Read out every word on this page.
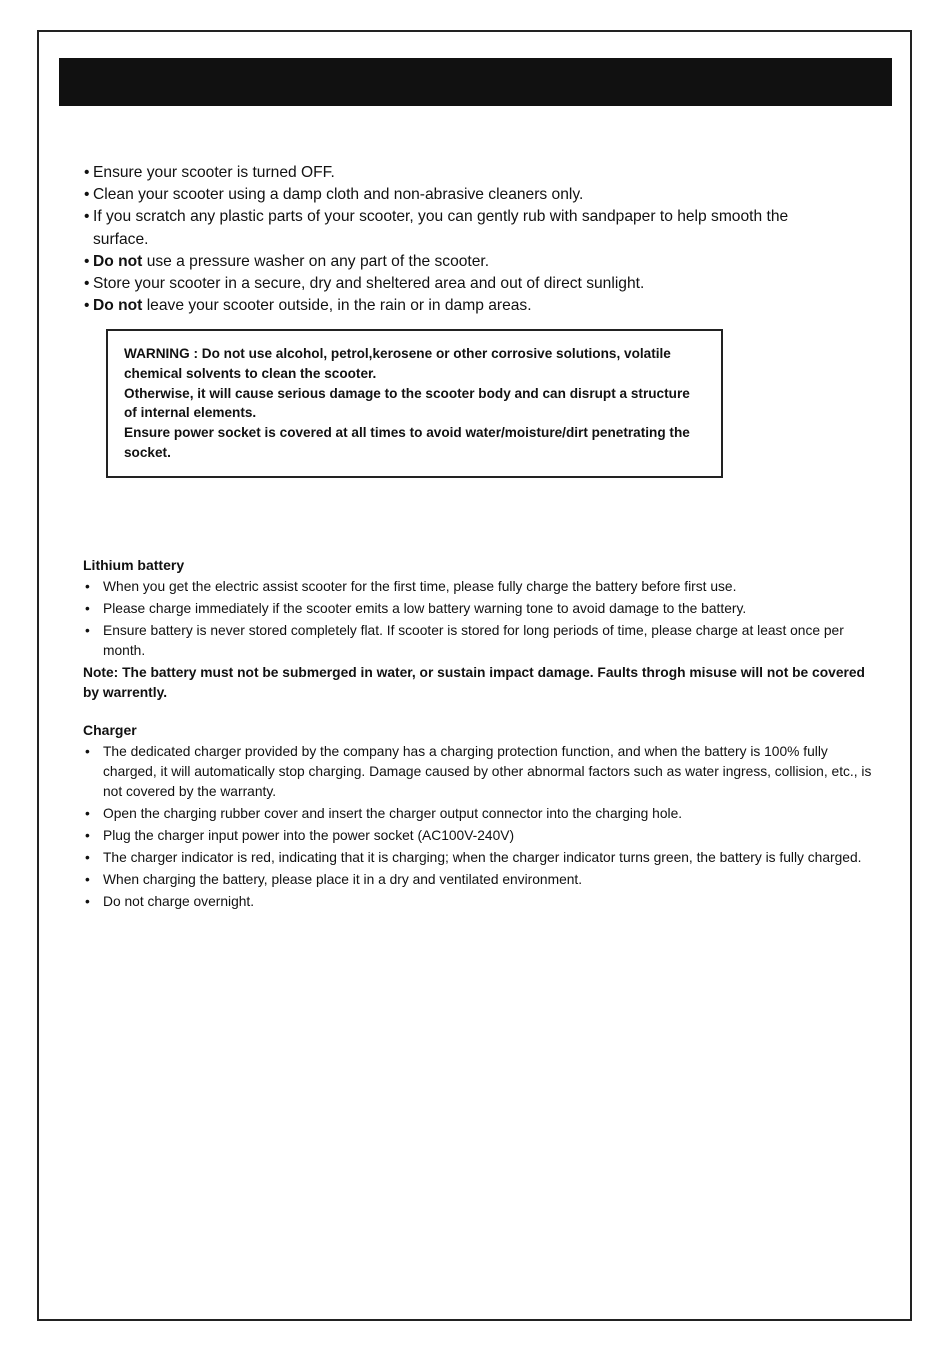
• Ensure your scooter is turned OFF.
• Clean your scooter using a damp cloth and non-abrasive cleaners only.
• If you scratch any plastic parts of your scooter, you can gently rub with sandpaper to help smooth the surface.
• Do not use a pressure washer on any part of the scooter.
• Store your scooter in a secure, dry and sheltered area and out of direct sunlight.
• Do not leave your scooter outside, in the rain or in damp areas.

WARNING : Do not use alcohol, petrol,kerosene or other corrosive solutions, volatile chemical solvents to clean the scooter.

Otherwise, it will cause serious damage to the scooter body and can disrupt a structure of internal elements.

Ensure power socket is covered at all times to avoid water/moisture/dirt penetrating the socket.

Lithium battery

• When you get the electric assist scooter for the first time, please fully charge the battery before first use.
• Please charge immediately if the scooter emits a low battery warning tone to avoid damage to the battery.
• Ensure battery is never stored completely flat. If scooter is stored for long periods of time, please charge at least once per month.

Note: The battery must not be submerged in water, or sustain impact damage. Faults throgh misuse will not be covered by warrently.

Charger

• The dedicated charger provided by the company has a charging protection function, and when the battery is 100% fully charged, it will automatically stop charging. Damage caused by other abnormal factors such as water ingress, collision, etc., is not covered by the warranty.
• Open the charging rubber cover and insert the charger output connector into the charging hole.
• Plug the charger input power into the power socket (AC100V-240V)
• The charger indicator is red, indicating that it is charging; when the charger indicator turns green, the battery is fully charged.
• When charging the battery, please place it in a dry and ventilated environment.
• Do not charge overnight.
